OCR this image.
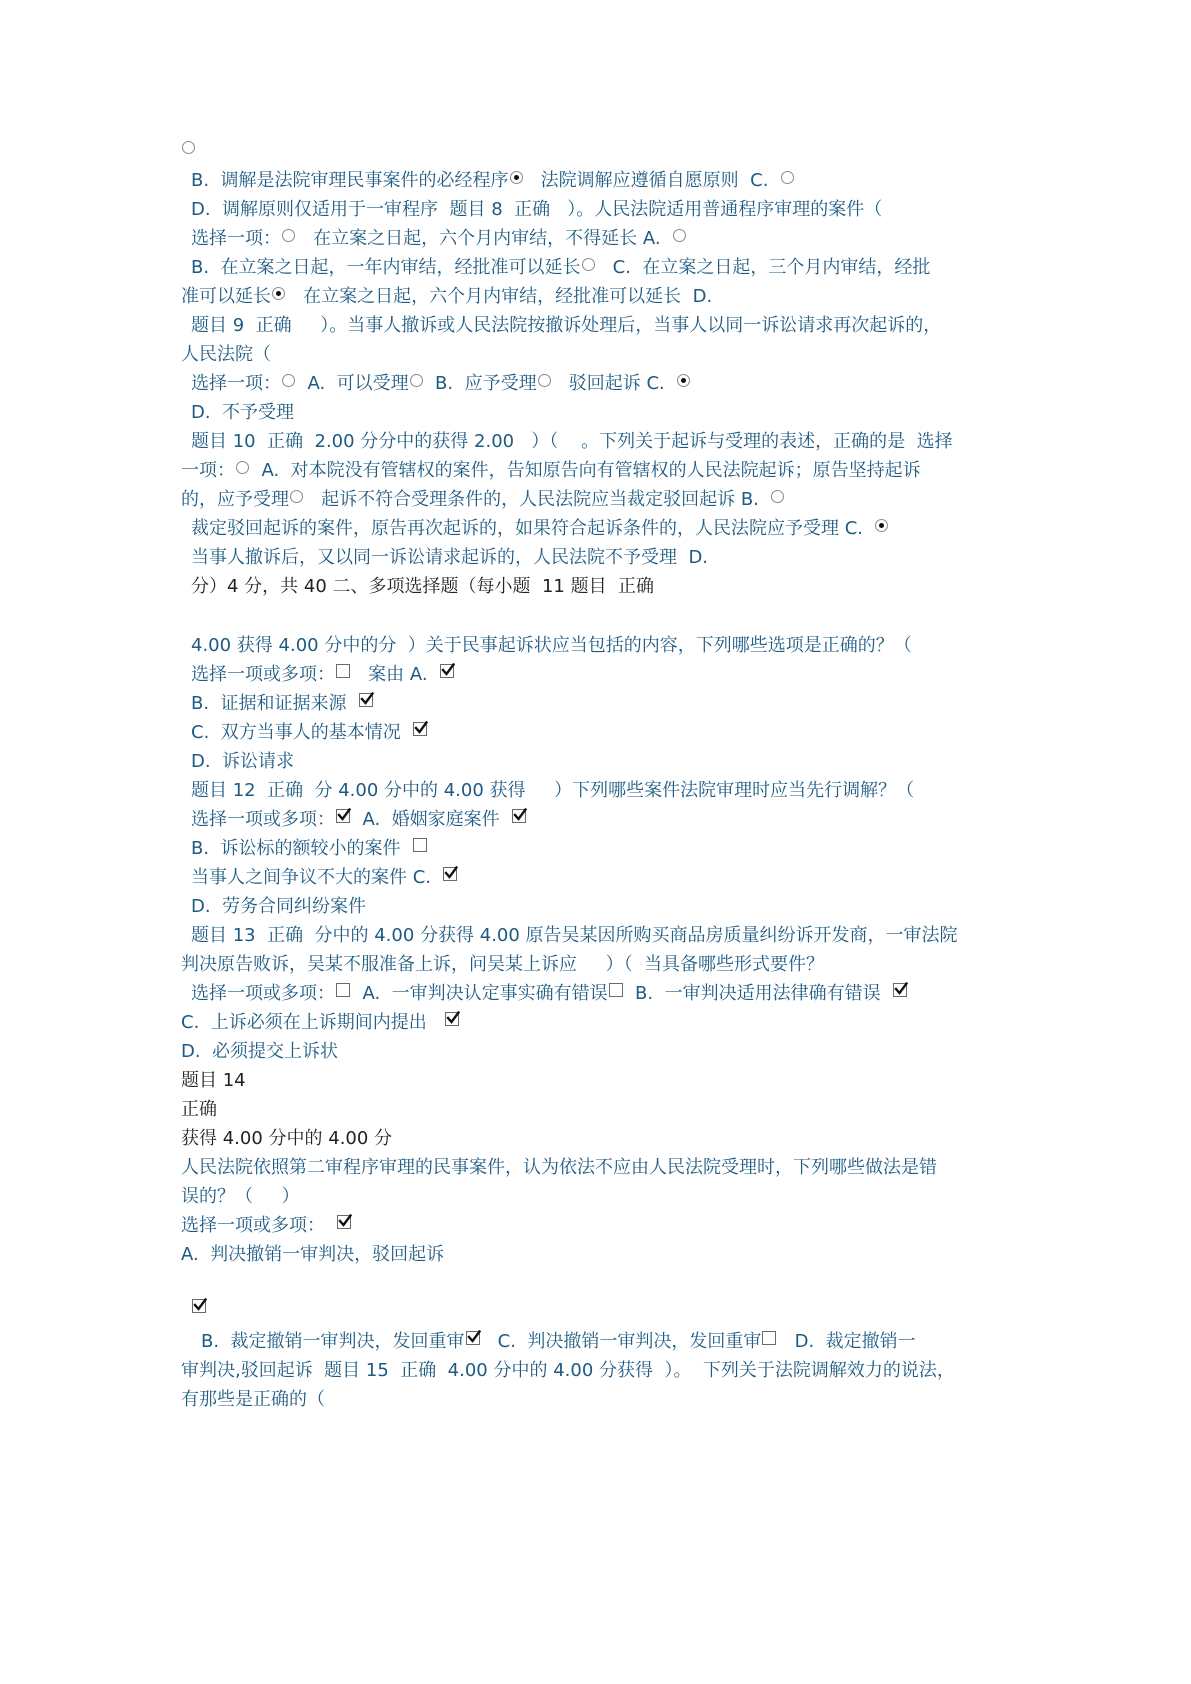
B.  调解是法院审理民事案件的必经程序   法院调解应遵循自愿原则  C.
D.  调解原则仅适用于一审程序  题目 8  正确   ）。人民法院适用普通程序审理的案件（
选择一项：   在立案之日起，六个月内审结，不得延长 A.
B.  在立案之日起，一年内审结，经批准可以延长   C.  在立案之日起，三个月内审结，经批
准可以延长   在立案之日起，六个月内审结，经批准可以延长  D.
题目 9  正确     ）。当事人撤诉或人民法院按撤诉处理后，当事人以同一诉讼请求再次起诉的，
人民法院（
选择一项：  A.  可以受理  B.  应予受理   驳回起诉 C.
D.  不予受理
题目 10  正确  2.00 分分中的获得 2.00   ）（    。下列关于起诉与受理的表述，正确的是  选择
一项：  A.  对本院没有管辖权的案件，告知原告向有管辖权的人民法院起诉；原告坚持起诉
的，应予受理   起诉不符合受理条件的，人民法院应当裁定驳回起诉 B.
裁定驳回起诉的案件，原告再次起诉的，如果符合起诉条件的，人民法院应予受理 C.
当事人撤诉后，又以同一诉讼请求起诉的，人民法院不予受理  D.
分）4 分，共 40 二、多项选择题（每小题  11 题目  正确
4.00 获得 4.00 分中的分  ）关于民事起诉状应当包括的内容，下列哪些选项是正确的？（
选择一项或多项：   案由 A.
B.  证据和证据来源
C.  双方当事人的基本情况
D.  诉讼请求
题目 12  正确  分 4.00 分中的 4.00 获得     ）下列哪些案件法院审理时应当先行调解？（
选择一项或多项：
A.  婚姻家庭案件
B.  诉讼标的额较小的案件
当事人之间争议不大的案件 C.
D.  劳务合同纠纷案件
题目 13  正确  分中的 4.00 分获得 4.00 原告吴某因所购买商品房质量纠纷诉开发商，一审法院
判决原告败诉，吴某不服准备上诉，问吴某上诉应     ）（  当具备哪些形式要件？
选择一项或多项：  A.  一审判决认定事实确有错误  B.  一审判决适用法律确有错误
C.  上诉必须在上诉期间内提出
D.  必须提交上诉状
题目 14
正确
获得 4.00 分中的 4.00 分
人民法院依照第二审程序审理的民事案件，认为依法不应由人民法院受理时，下列哪些做法是错
误的？（     ）
选择一项或多项：
A.  判决撤销一审判决，驳回起诉
B.  裁定撤销一审判决，发回重审
C.  判决撤销一审判决，发回重审   D.  裁定撤销一
审判决,驳回起诉  题目 15  正确  4.00 分中的 4.00 分获得  ）。  下列关于法院调解效力的说法，
有那些是正确的（
